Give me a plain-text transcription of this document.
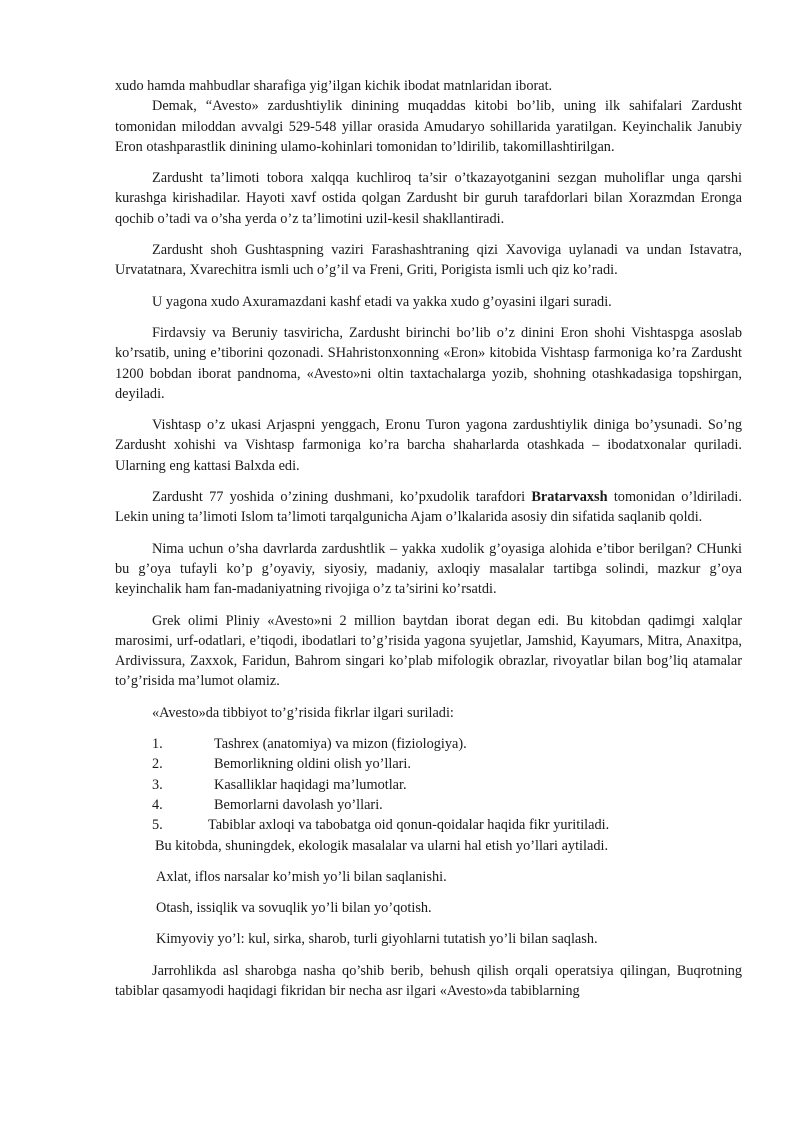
xudo hamda mahbudlar sharafiga yig’ilgan kichik ibodat matnlaridan iborat.

Demak, “Avesto» zardushtiylik dinining muqaddas kitobi bo’lib, uning ilk sahifalari Zardusht tomonidan miloddan avvalgi 529-548 yillar orasida Amudaryo sohillarida yaratilgan. Keyinchalik Janubiy Eron otashparastlik dinining ulamo-kohinlari tomonidan to’ldirilib, takomillashtirilgan.

Zardusht ta’limoti tobora xalqqa kuchliroq ta’sir o’tkazayotganini sezgan muholiflar unga qarshi kurashga kirishadilar. Hayoti xavf ostida qolgan Zardusht bir guruh tarafdorlari bilan Xorazmdan Eronga qochib o’tadi va o’sha yerda o’z ta’limotini uzil-kesil shakllantiradi.

Zardusht shoh Gushtaspning vaziri Farashashtraning qizi Xavoviga uylanadi va undan Istavatra, Urvatatnara, Xvarechitra ismli uch o’g’il va Freni, Griti, Porigista ismli uch qiz ko’radi.

U yagona xudo Axuramazdani kashf etadi va yakka xudo g’oyasini ilgari suradi.

Firdavsiy va Beruniy tasviricha, Zardusht birinchi bo’lib o’z dinini Eron shohi Vishtaspga asoslab ko’rsatib, uning e’tiborini qozonadi. SHahristonxonning «Eron» kitobida Vishtasp farmoniga ko’ra Zardusht 1200 bobdan iborat pandnoma, «Avesto»ni oltin taxtachalarga yozib, shohning otashkadasiga topshirgan, deyiladi.

Vishtasp o’z ukasi Arjaspni yenggach, Eronu Turon yagona zardushtiylik diniga bo’ysunadi. So’ng Zardusht xohishi va Vishtasp farmoniga ko’ra barcha shaharlarda otashkada – ibodatxonalar quriladi. Ularning eng kattasi Balxda edi.

Zardusht 77 yoshida o’zining dushmani, ko’pxudolik tarafdori Bratarvaxsh tomonidan o’ldiriladi. Lekin uning ta’limoti Islom ta’limoti tarqalgunicha Ajam o’lkalarida asosiy din sifatida saqlanib qoldi.

Nima uchun o’sha davrlarda zardushtlik – yakka xudolik g’oyasiga alohida e’tibor berilgan? CHunki bu g’oya tufayli ko’p g’oyaviy, siyosiy, madaniy, axloqiy masalalar tartibga solindi, mazkur g’oya keyinchalik ham fan-madaniyatning rivojiga o’z ta’sirini ko’rsatdi.

Grek olimi Pliniy «Avesto»ni 2 million baytdan iborat degan edi. Bu kitobdan qadimgi xalqlar marosimi, urf-odatlari, e’tiqodi, ibodatlari to’g’risida yagona syujetlar, Jamshid, Kayumars, Mitra, Anaxitpa, Ardivissura, Zaxxok, Faridun, Bahrom singari ko’plab mifologik obrazlar, rivoyatlar bilan bog’liq atamalar to’g’risida ma’lumot olamiz.

«Avesto»da tibbiyot to’g’risida fikrlar ilgari suriladi:

1.	Tashrex (anatomiya) va mizon (fiziologiya).
2.	Bemorlikning oldini olish yo’llari.
3.	Kasalliklar haqidagi ma’lumotlar.
4.	Bemorlarni davolash yo’llari.
5.	Tabiblar axloqi va tabobatga oid qonun-qoidalar haqida fikr yuritiladi.

Bu kitobda, shuningdek, ekologik masalalar va ularni hal etish yo’llari aytiladi.

Axlat, iflos narsalar ko’mish yo’li bilan saqlanishi.

Otash, issiqlik va sovuqlik yo’li bilan yo’qotish.

Kimyoviy yo’l: kul, sirka, sharob, turli giyohlarni tutatish yo’li bilan saqlash.

Jarrohlikda asl sharobga nasha qo’shib berib, behush qilish orqali operatsiya qilingan, Buqrotning tabiblar qasamyodi haqidagi fikridan bir necha asr ilgari «Avesto»da tabiblarning
